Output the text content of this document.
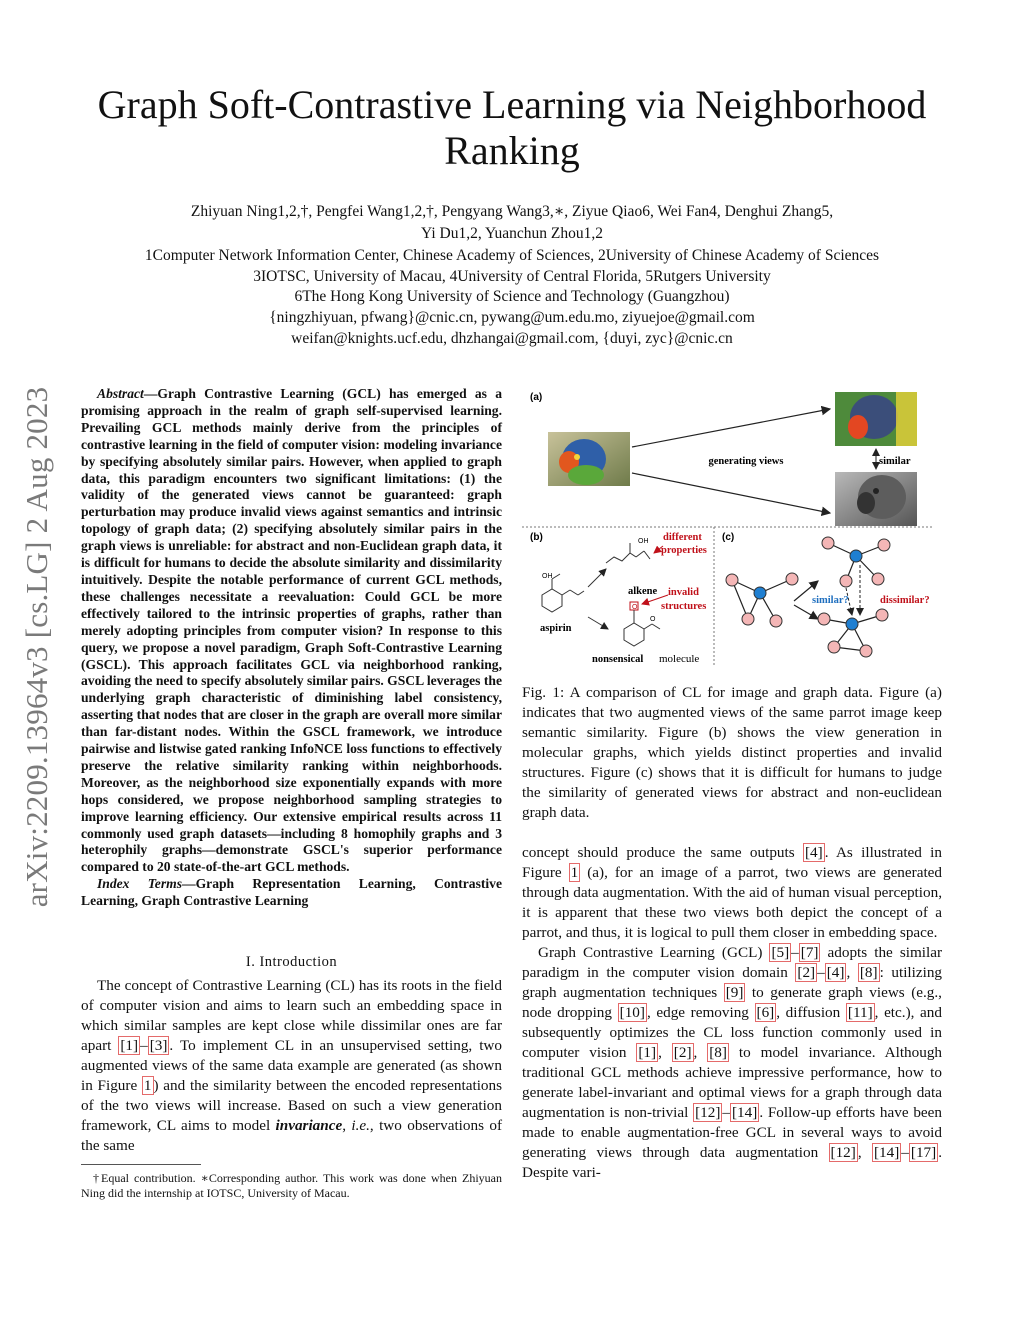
arXiv:2209.13964v3 [cs.LG] 2 Aug 2023
Graph Soft-Contrastive Learning via Neighborhood
Ranking
Zhiyuan Ning1,2,†, Pengfei Wang1,2,†, Pengyang Wang3,∗, Ziyue Qiao6, Wei Fan4, Denghui Zhang5,
Yi Du1,2, Yuanchun Zhou1,2
1Computer Network Information Center, Chinese Academy of Sciences, 2University of Chinese Academy of Sciences
3IOTSC, University of Macau, 4University of Central Florida, 5Rutgers University
6The Hong Kong University of Science and Technology (Guangzhou)
{ningzhiyuan, pfwang}@cnic.cn, pywang@um.edu.mo, ziyuejoe@gmail.com
weifan@knights.ucf.edu, dhzhangai@gmail.com, {duyi, zyc}@cnic.cn

Abstract—Graph Contrastive Learning (GCL) has emerged as a promising approach in the realm of graph self-supervised learning. Prevailing GCL methods mainly derive from the principles of contrastive learning in the field of computer vision: modeling invariance by specifying absolutely similar pairs. However, when applied to graph data, this paradigm encounters two significant limitations: (1) the validity of the generated views cannot be guaranteed: graph perturbation may produce invalid views against semantics and intrinsic topology of graph data; (2) specifying absolutely similar pairs in the graph views is unreliable: for abstract and non-Euclidean graph data, it is difficult for humans to decide the absolute similarity and dissimilarity intuitively. Despite the notable performance of current GCL methods, these challenges necessitate a reevaluation: Could GCL be more effectively tailored to the intrinsic properties of graphs, rather than merely adopting principles from computer vision? In response to this query, we propose a novel paradigm, Graph Soft-Contrastive Learning (GSCL). This approach facilitates GCL via neighborhood ranking, avoiding the need to specify absolutely similar pairs. GSCL leverages the underlying graph characteristic of diminishing label consistency, asserting that nodes that are closer in the graph are overall more similar than far-distant nodes. Within the GSCL framework, we introduce pairwise and listwise gated ranking InfoNCE loss functions to effectively preserve the relative similarity ranking within neighborhoods. Moreover, as the neighborhood size exponentially expands with more hops considered, we propose neighborhood sampling strategies to improve learning efficiency. Our extensive empirical results across 11 commonly used graph datasets—including 8 homophily graphs and 3 heterophily graphs—demonstrate GSCL's superior performance compared to 20 state-of-the-art GCL methods.

Index Terms—Graph Representation Learning, Contrastive Learning, Graph Contrastive Learning

I. Introduction

The concept of Contrastive Learning (CL) has its roots in the field of computer vision and aims to learn such an embedding space in which similar samples are kept close while dissimilar ones are far apart [1] – [3] . To implement CL in an unsupervised setting, two augmented views of the same data example are generated (as shown in Figure 1 ) and the similarity between the encoded representations of the two views will increase. Based on such a view generation framework, CL aims to model invariance, i.e., two observations of the same

†Equal contribution. ∗Corresponding author. This work was done when Zhiyuan Ning did the internship at IOTSC, University of Macau.
(a)
generating views	similar
(b)
OH
aspirin
OH
alkene
different
properties
O
O
invalid
structures
nonsensical molecule
(c)
similar?	dissimilar?
Fig. 1: A comparison of CL for image and graph data. Figure (a) indicates that two augmented views of the same parrot image keep semantic similarity. Figure (b) shows the view generation in molecular graphs, which yields distinct properties and invalid structures. Figure (c) shows that it is difficult for humans to judge the similarity of generated views for abstract and non-euclidean graph data.

concept should produce the same outputs [4] . As illustrated in Figure 1 (a), for an image of a parrot, two views are generated through data augmentation. With the aid of human visual perception, it is apparent that these two views both depict the concept of a parrot, and thus, it is logical to pull them closer in embedding space.

Graph Contrastive Learning (GCL) [5] – [7] adopts the similar paradigm in the computer vision domain [2] – [4] , [8] : utilizing graph augmentation techniques [9] to generate graph views (e.g., node dropping [10] , edge removing [6] , diffusion [11] , etc.), and subsequently optimizes the CL loss function commonly used in computer vision [1] , [2] , [8] to model invariance. Although traditional GCL methods achieve impressive performance, how to generate label-invariant and optimal views for a graph through data augmentation is non-trivial [12] – [14] . Follow-up efforts have been made to enable augmentation-free GCL in several ways to avoid generating views through data augmentation [12] , [14] – [17] . Despite vari-
